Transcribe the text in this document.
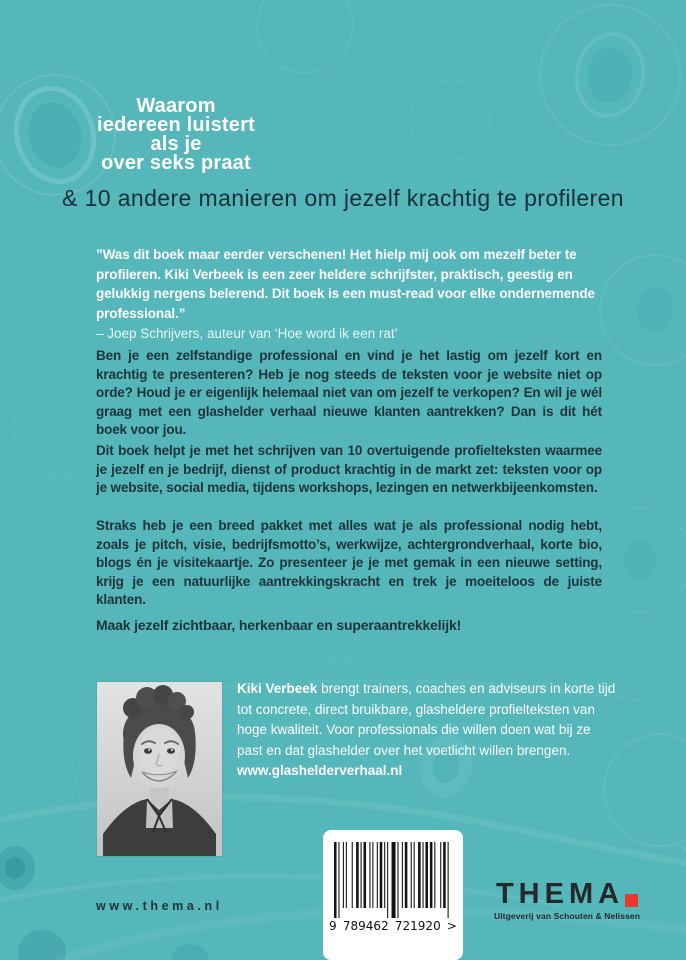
Waarom
iedereen luistert
als je
over seks praat
& 10 andere manieren om jezelf krachtig te profileren
”Was dit boek maar eerder verschenen! Het hielp mij ook om mezelf beter te profileren. Kiki Verbeek is een zeer heldere schrijfster, praktisch, geestig en gelukkig nergens belerend. Dit boek is een must-read voor elke ondernemende professional.”
– Joep Schrijvers, auteur van ‘Hoe word ik een rat’
Ben je een zelfstandige professional en vind je het lastig om jezelf kort en krachtig te presenteren? Heb je nog steeds de teksten voor je website niet op orde? Houd je er eigenlijk helemaal niet van om jezelf te verkopen? En wil je wél graag met een glashelder verhaal nieuwe klanten aantrekken? Dan is dit hét boek voor jou.
Dit boek helpt je met het schrijven van 10 overtuigende profielteksten waarmee je jezelf en je bedrijf, dienst of product krachtig in de markt zet: teksten voor op je website, social media, tijdens workshops, lezingen en netwerkbijeenkomsten.
Straks heb je een breed pakket met alles wat je als professional nodig hebt, zoals je pitch, visie, bedrijfsmotto’s, werkwijze, achtergrondverhaal, korte bio, blogs én je visitekaartje. Zo presenteer je je met gemak in een nieuwe setting, krijg je een natuurlijke aantrekkingskracht en trek je moeiteloos de juiste klanten.
Maak jezelf zichtbaar, herkenbaar en superaantrekkelijk!
Kiki Verbeek brengt trainers, coaches en adviseurs in korte tijd tot concrete, direct bruikbare, glasheldere profielteksten van hoge kwaliteit. Voor professionals die willen doen wat bij ze past en dat glashelder over het voetlicht willen brengen.
www.glashelderverhaal.nl
www.thema.nl
9 789462 721920 >
THEMA
Uitgeverij van Schouten & Nelissen
